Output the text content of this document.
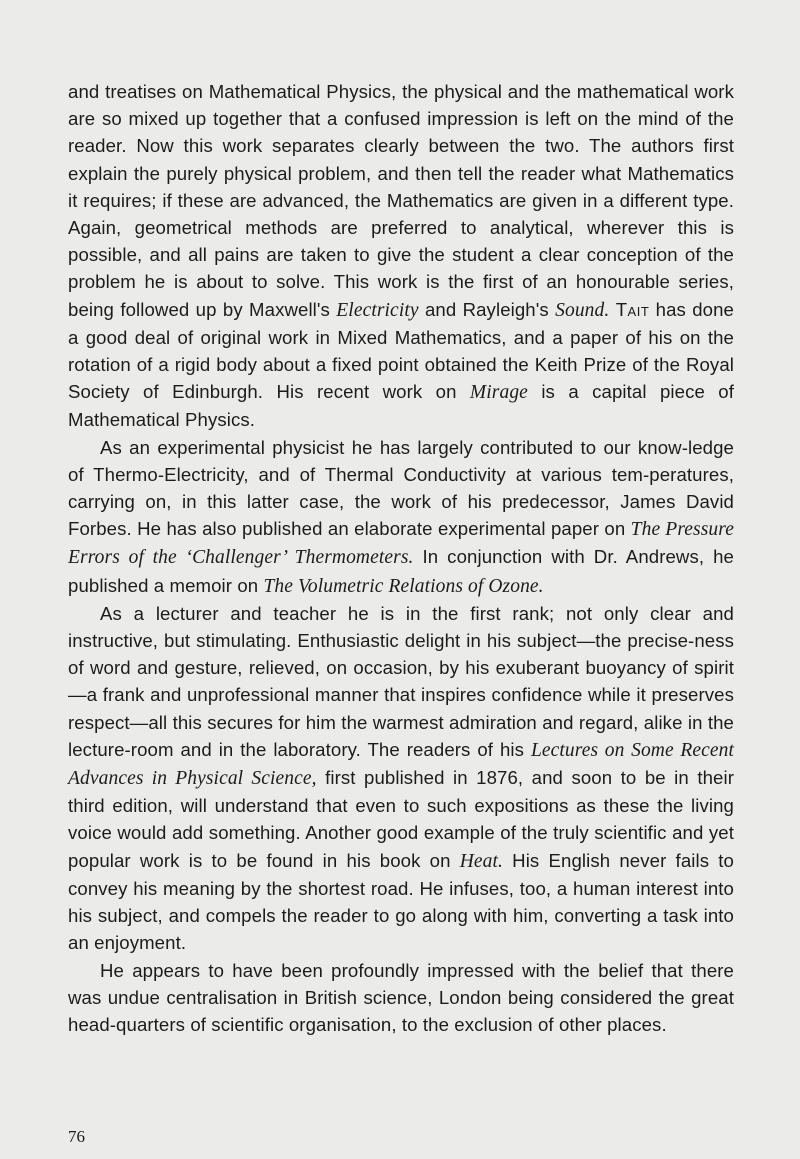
and treatises on Mathematical Physics, the physical and the mathematical work are so mixed up together that a confused impression is left on the mind of the reader. Now this work separates clearly between the two. The authors first explain the purely physical problem, and then tell the reader what Mathematics it requires; if these are advanced, the Mathematics are given in a different type. Again, geometrical methods are preferred to analytical, wherever this is possible, and all pains are taken to give the student a clear conception of the problem he is about to solve. This work is the first of an honourable series, being followed up by Maxwell's Electricity and Rayleigh's Sound. Tait has done a good deal of original work in Mixed Mathematics, and a paper of his on the rotation of a rigid body about a fixed point obtained the Keith Prize of the Royal Society of Edinburgh. His recent work on Mirage is a capital piece of Mathematical Physics.

As an experimental physicist he has largely contributed to our know-ledge of Thermo-Electricity, and of Thermal Conductivity at various tem-peratures, carrying on, in this latter case, the work of his predecessor, James David Forbes. He has also published an elaborate experimental paper on The Pressure Errors of the ‘Challenger’ Thermometers. In conjunction with Dr. Andrews, he published a memoir on The Volumetric Relations of Ozone.

As a lecturer and teacher he is in the first rank; not only clear and instructive, but stimulating. Enthusiastic delight in his subject—the precise-ness of word and gesture, relieved, on occasion, by his exuberant buoyancy of spirit—a frank and unprofessional manner that inspires confidence while it preserves respect—all this secures for him the warmest admiration and regard, alike in the lecture-room and in the laboratory. The readers of his Lectures on Some Recent Advances in Physical Science, first published in 1876, and soon to be in their third edition, will understand that even to such expositions as these the living voice would add something. Another good example of the truly scientific and yet popular work is to be found in his book on Heat. His English never fails to convey his meaning by the shortest road. He infuses, too, a human interest into his subject, and compels the reader to go along with him, converting a task into an enjoyment.

He appears to have been profoundly impressed with the belief that there was undue centralisation in British science, London being considered the great head-quarters of scientific organisation, to the exclusion of other places.

76
